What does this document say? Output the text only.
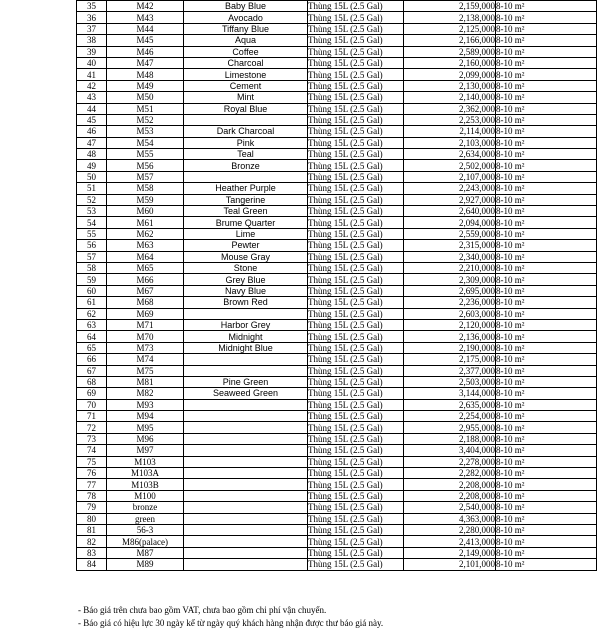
35	M42	Baby Blue	Thùng 15L (2.5 Gal)	2,159,000	8-10 m²
36	M43	Avocado	Thùng 15L (2.5 Gal)	2,138,000	8-10 m²
37	M44	Tiffany Blue	Thùng 15L (2.5 Gal)	2,125,000	8-10 m²
38	M45	Aqua	Thùng 15L (2.5 Gal)	2,166,000	8-10 m²
39	M46	Coffee	Thùng 15L (2.5 Gal)	2,589,000	8-10 m²
40	M47	Charcoal	Thùng 15L (2.5 Gal)	2,160,000	8-10 m²
41	M48	Limestone	Thùng 15L (2.5 Gal)	2,099,000	8-10 m²
42	M49	Cement	Thùng 15L (2.5 Gal)	2,130,000	8-10 m²
43	M50	Mint	Thùng 15L (2.5 Gal)	2,140,000	8-10 m²
44	M51	Royal Blue	Thùng 15L (2.5 Gal)	2,362,000	8-10 m²
45	M52		Thùng 15L (2.5 Gal)	2,253,000	8-10 m²
46	M53	Dark Charcoal	Thùng 15L (2.5 Gal)	2,114,000	8-10 m²
47	M54	Pink	Thùng 15L (2.5 Gal)	2,103,000	8-10 m²
48	M55	Teal	Thùng 15L (2.5 Gal)	2,634,000	8-10 m²
49	M56	Bronze	Thùng 15L (2.5 Gal)	2,502,000	8-10 m²
50	M57		Thùng 15L (2.5 Gal)	2,107,000	8-10 m²
51	M58	Heather Purple	Thùng 15L (2.5 Gal)	2,243,000	8-10 m²
52	M59	Tangerine	Thùng 15L (2.5 Gal)	2,927,000	8-10 m²
53	M60	Teal Green	Thùng 15L (2.5 Gal)	2,640,000	8-10 m²
54	M61	Brume Quarter	Thùng 15L (2.5 Gal)	2,094,000	8-10 m²
55	M62	Lime	Thùng 15L (2.5 Gal)	2,559,000	8-10 m²
56	M63	Pewter	Thùng 15L (2.5 Gal)	2,315,000	8-10 m²
57	M64	Mouse Gray	Thùng 15L (2.5 Gal)	2,340,000	8-10 m²
58	M65	Stone	Thùng 15L (2.5 Gal)	2,210,000	8-10 m²
59	M66	Grey Blue	Thùng 15L (2.5 Gal)	2,309,000	8-10 m²
60	M67	Navy Blue	Thùng 15L (2.5 Gal)	2,695,000	8-10 m²
61	M68	Brown Red	Thùng 15L (2.5 Gal)	2,236,000	8-10 m²
62	M69		Thùng 15L (2.5 Gal)	2,603,000	8-10 m²
63	M71	Harbor Grey	Thùng 15L (2.5 Gal)	2,120,000	8-10 m²
64	M70	Midnight	Thùng 15L (2.5 Gal)	2,136,000	8-10 m²
65	M73	Midnight Blue	Thùng 15L (2.5 Gal)	2,190,000	8-10 m²
66	M74		Thùng 15L (2.5 Gal)	2,175,000	8-10 m²
67	M75		Thùng 15L (2.5 Gal)	2,377,000	8-10 m²
68	M81	Pine Green	Thùng 15L (2.5 Gal)	2,503,000	8-10 m²
69	M82	Seaweed Green	Thùng 15L (2.5 Gal)	3,144,000	8-10 m²
70	M93		Thùng 15L (2.5 Gal)	2,635,000	8-10 m²
71	M94		Thùng 15L (2.5 Gal)	2,254,000	8-10 m²
72	M95		Thùng 15L (2.5 Gal)	2,955,000	8-10 m²
73	M96		Thùng 15L (2.5 Gal)	2,188,000	8-10 m²
74	M97		Thùng 15L (2.5 Gal)	3,404,000	8-10 m²
75	M103		Thùng 15L (2.5 Gal)	2,278,000	8-10 m²
76	M103A		Thùng 15L (2.5 Gal)	2,282,000	8-10 m²
77	M103B		Thùng 15L (2.5 Gal)	2,208,000	8-10 m²
78	M100		Thùng 15L (2.5 Gal)	2,208,000	8-10 m²
79	bronze		Thùng 15L (2.5 Gal)	2,540,000	8-10 m²
80	green		Thùng 15L (2.5 Gal)	4,363,000	8-10 m²
81	56-3		Thùng 15L (2.5 Gal)	2,280,000	8-10 m²
82	M86(palace)		Thùng 15L (2.5 Gal)	2,413,000	8-10 m²
83	M87		Thùng 15L (2.5 Gal)	2,149,000	8-10 m²
84	M89		Thùng 15L (2.5 Gal)	2,101,000	8-10 m²
- Báo giá trên chưa bao gồm VAT, chưa bao gồm chi phí vận chuyển.
- Báo giá có hiệu lực 30 ngày kể từ ngày quý khách hàng nhận được thư báo giá này.
